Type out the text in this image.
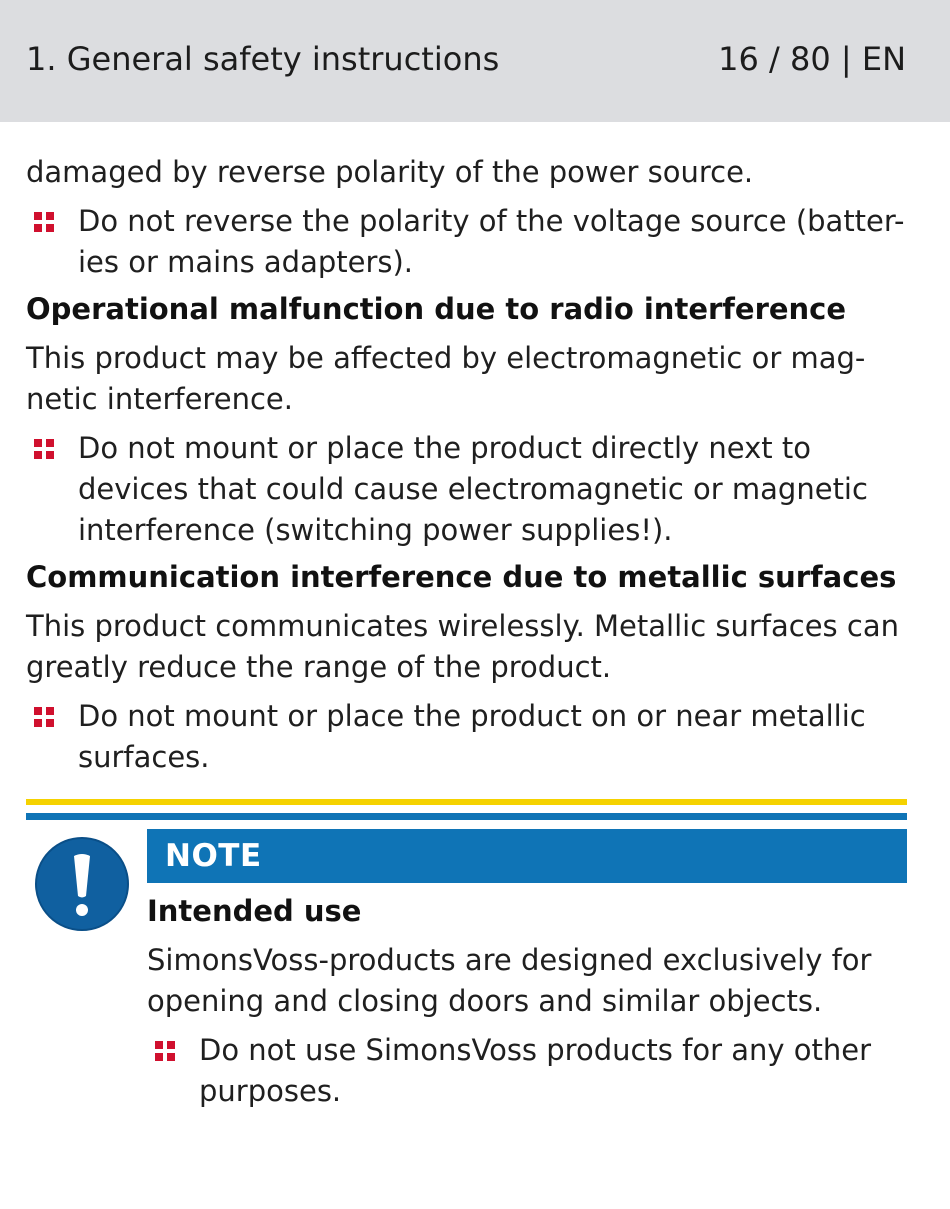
1. General safety instructions	16 / 80 | EN

damaged by reverse polarity of the power source.

Do not reverse the polarity of the voltage source (batter-ies or mains adapters).
Operational malfunction due to radio interference

This product may be affected by electromagnetic or mag-netic interference.

Do not mount or place the product directly next to devices that could cause electromagnetic or magnetic interference (switching power supplies!).
Communication interference due to metallic surfaces

This product communicates wirelessly. Metallic surfaces can greatly reduce the range of the product.

Do not mount or place the product on or near metallic surfaces.
NOTE
Intended use

SimonsVoss-products are designed exclusively for opening and closing doors and similar objects.

Do not use SimonsVoss products for any other purposes.
